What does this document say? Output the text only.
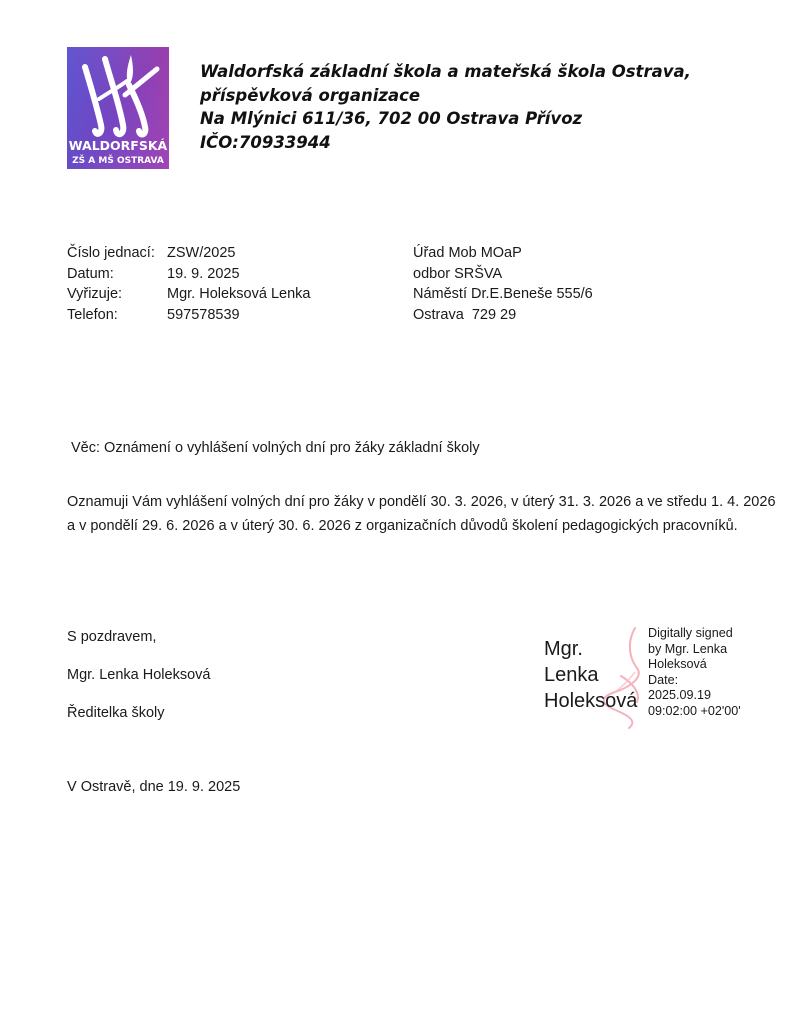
WALDORFSKÁ
ZŠ A MŠ OSTRAVA
Waldorfská základní škola a mateřská škola Ostrava,
příspěvková organizace
Na Mlýnici 611/36, 702 00 Ostrava Přívoz
IČO:70933944
Číslo jednací: ZSW/2025
Datum:	19. 9. 2025
Vyřizuje:	Mgr. Holeksová Lenka
Telefon:	597578539
Úřad Mob MOaP
odbor SRŠVA
Náměstí Dr.E.Beneše 555/6
Ostrava  729 29
Věc: Oznámení o vyhlášení volných dní pro žáky základní školy
Oznamuji Vám vyhlášení volných dní pro žáky v pondělí 30. 3. 2026, v úterý 31. 3. 2026 a ve středu 1. 4. 2026
a v pondělí 29. 6. 2026 a v úterý 30. 6. 2026 z organizačních důvodů školení pedagogických pracovníků.
S pozdravem,
Mgr. Lenka Holeksová
Ředitelka školy
V Ostravě, dne 19. 9. 2025
Mgr.
Lenka
Holeksová
Digitally signed
by Mgr. Lenka
Holeksová
Date:
2025.09.19
09:02:00 +02'00'
